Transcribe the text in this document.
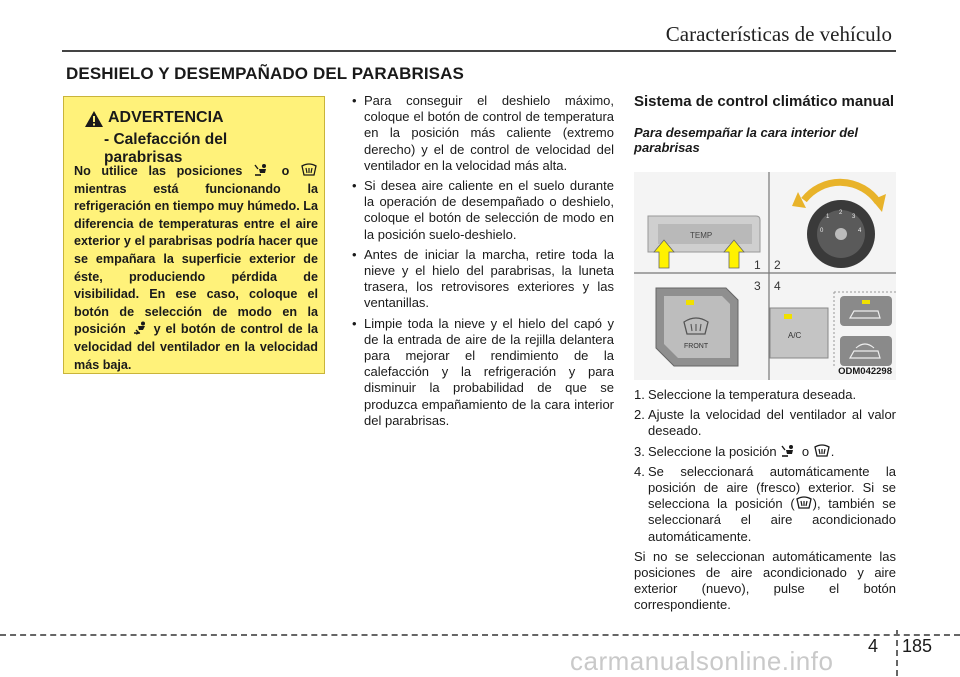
Características de vehículo
DESHIELO Y DESEMPAÑADO DEL PARABRISAS
ADVERTENCIA
- Calefacción del parabrisas
No utilice las posiciones	o  mientras está funcionando la refrigeración en tiempo muy húmedo. La diferencia de temperaturas entre el aire exterior y el parabrisas podría hacer que se empañara la superficie exterior de éste, produciendo pérdida de visibilidad. En ese caso, coloque el botón de selección de modo en la posición y el botón de control de la velocidad del ventilador en la velocidad más baja.
• Para conseguir el deshielo máximo, coloque el botón de control de temperatura en la posición más caliente (extremo derecho) y el de control de velocidad del ventilador en la velocidad más alta.
• Si desea aire caliente en el suelo durante la operación de desempañado o deshielo, coloque el botón de selección de modo en la posición suelo-deshielo.
• Antes de iniciar la marcha, retire toda la nieve y el hielo del parabrisas, la luneta trasera, los retrovisores exteriores y las ventanillas.
• Limpie toda la nieve y el hielo del capó y de la entrada de aire de la rejilla delantera para mejorar el rendimiento de la calefacción y la refrigeración y para disminuir la probabilidad de que se produzca empañamiento de la cara interior del parabrisas.
Sistema de control climático manual
Para desempañar la cara interior del parabrisas
TEMP	0
1
2
3
4
1 2
3 4
FRONT
A/C
ODM042298
1. Seleccione la temperatura deseada.
2. Ajuste la velocidad del ventilador al valor deseado.
3. Seleccione la posición o .
4. Se seleccionará automáticamente la posición de aire (fresco) exterior. Si se selecciona la posición ( ), también se seleccionará el aire acondicionado automáticamente.

Si no se seleccionan automáticamente las posiciones de aire acondicionado y aire exterior (nuevo), pulse el botón correspondiente.

4 185
carmanualsonline.info
